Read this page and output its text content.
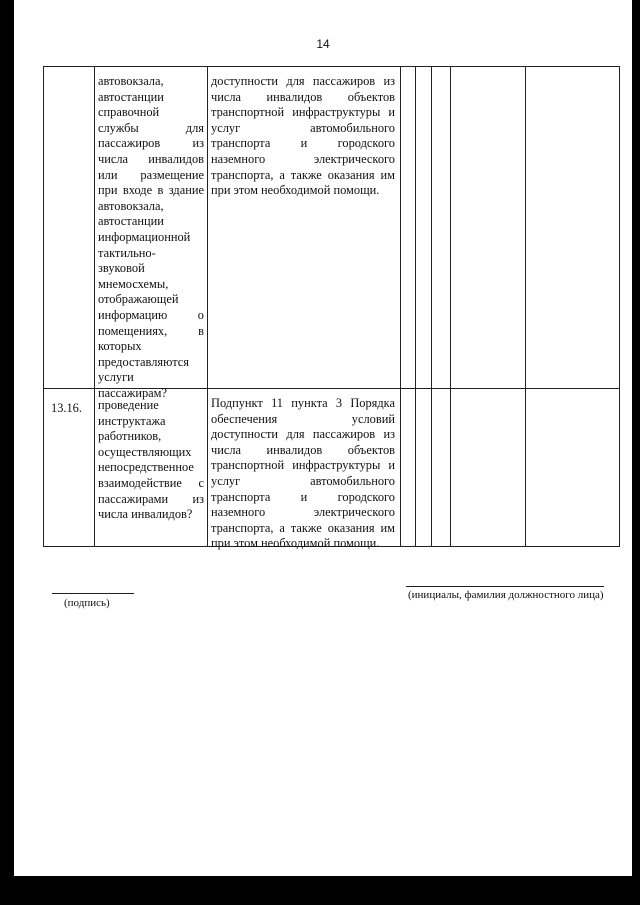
14
автовокзала,
автостанции
справочной
службы для
пассажиров из
числа инвалидов
или размещение
при входе в здание
автовокзала,
автостанции
информационной
тактильно-
звуковой
мнемосхемы,
отображающей
информацию о
помещениях, в
которых
предоставляются
услуги
пассажирам?
доступности для пассажиров из
числа инвалидов объектов
транспортной инфраструктуры и
услуг автомобильного
транспорта и городского
наземного электрического
транспорта, а также оказания им
при этом необходимой помощи.
13.16. проведение
инструктажа
работников,
осуществляющих
непосредственное
взаимодействие с
пассажирами из
числа инвалидов?
Подпункт 11 пункта 3 Порядка
обеспечения условий
доступности для пассажиров из
числа инвалидов объектов
транспортной инфраструктуры и
услуг автомобильного
транспорта и городского
наземного электрического
транспорта, а также оказания им
при этом необходимой помощи.
(подпись)
(инициалы, фамилия должностного лица)
